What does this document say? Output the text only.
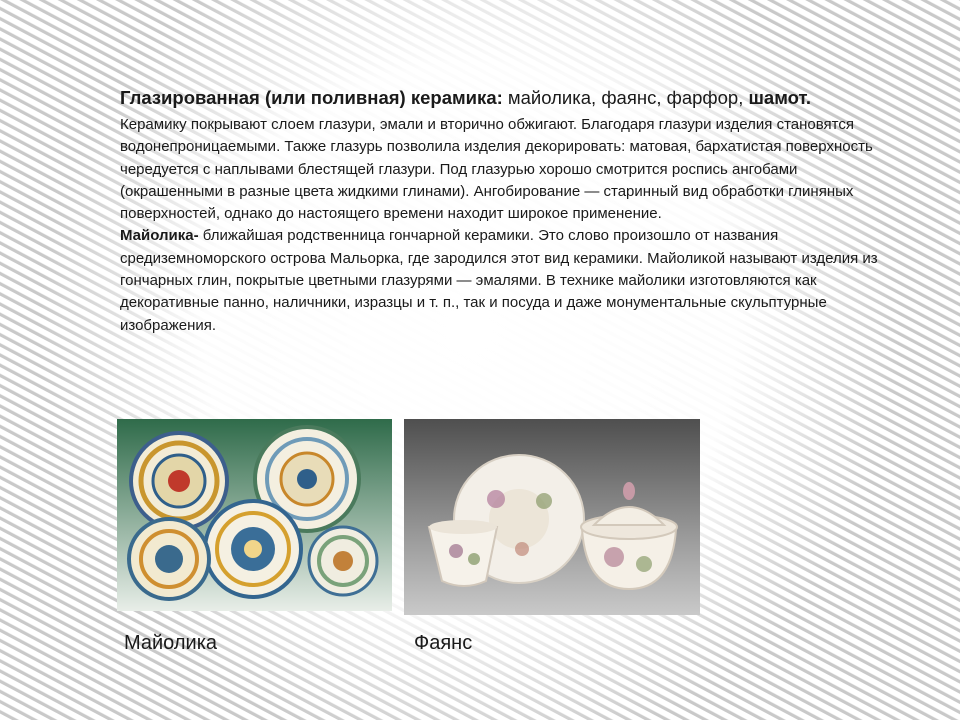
Глазированная (или поливная) керамика: майолика, фаянс, фарфор, шамот.

Керамику покрывают слоем глазури, эмали и вторично обжигают. Благодаря глазури изделия становятся водонепроницаемыми. Также глазурь позволила изделия декорировать: матовая, бархатистая поверхность чередуется с наплывами блестящей глазури. Под глазурью хорошо смотрится роспись ангобами (окрашенными в разные цвета жидкими глинами). Ангобирование — старинный вид обработки глиняных поверхностей, однако до настоящего времени находит широкое применение.

Майолика- ближайшая родственница гончарной керамики. Это слово произошло от названия средиземноморского острова Мальорка, где зародился этот вид керамики. Майоликой называют изделия из гончарных глин, покрытые цветными глазурями — эмалями. В технике майолики изготовляются как декоративные панно, наличники, изразцы и т. п., так и посуда и даже монументальные скульптурные изображения.

Майолика	Фаянс
